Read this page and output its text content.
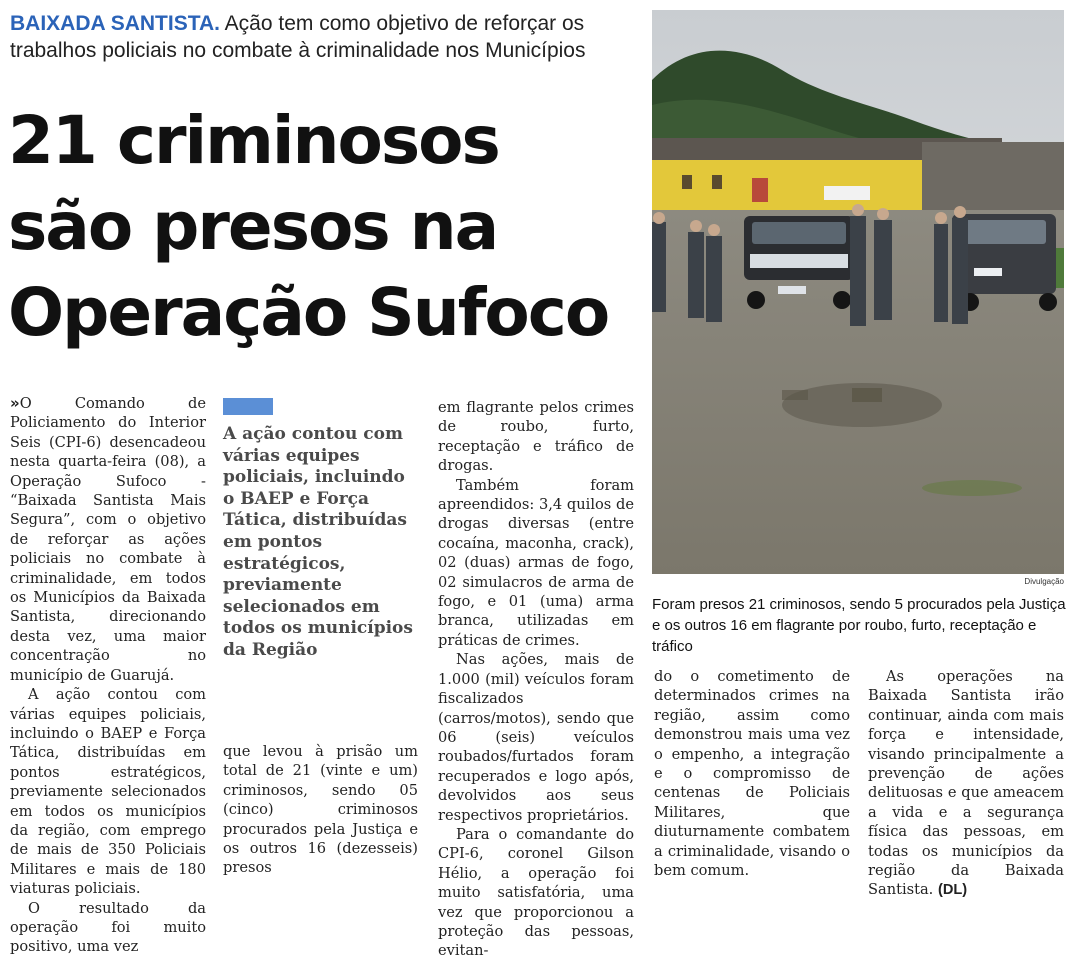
BAIXADA SANTISTA. Ação tem como objetivo de reforçar os trabalhos policiais no combate à criminalidade nos Municípios
21 criminosos
são presos na
Operação Sufoco
Divulgação
Foram presos 21 criminosos, sendo 5 procurados pela Justiça e os outros 16 em flagrante por roubo, furto, receptação e tráfico

» O Comando de Policiamento do Interior Seis (CPI-6) desencadeou nesta quarta-feira (08), a Operação Sufoco - “Baixada Santista Mais Segura”, com o objetivo de reforçar as ações policiais no combate à criminalidade, em todos os Municípios da Baixada Santista, direcionando desta vez, uma maior concentração no município de Guarujá.

A ação contou com várias equipes policiais, incluindo o BAEP e Força Tática, distribuídas em pontos estratégicos, previamente selecionados em todos os municípios da região, com emprego de mais de 350 Policiais Militares e mais de 180 viaturas policiais.

O resultado da operação foi muito positivo, uma vez

A ação contou com várias equipes policiais, incluindo o BAEP e Força Tática, distribuídas em pontos estratégicos, previamente selecionados em todos os municípios da Região

que levou à prisão um total de 21 (vinte e um) criminosos, sendo 05 (cinco) criminosos procurados pela Justiça e os outros 16 (dezesseis) presos

em flagrante pelos crimes de roubo, furto, receptação e tráfico de drogas.

Também foram apreendidos: 3,4 quilos de drogas diversas (entre cocaína, maconha, crack), 02 (duas) armas de fogo, 02 simulacros de arma de fogo, e 01 (uma) arma branca, utilizadas em práticas de crimes.

Nas ações, mais de 1.000 (mil) veículos foram fiscalizados (carros/motos), sendo que 06 (seis) veículos roubados/furtados foram recuperados e logo após, devolvidos aos seus respectivos proprietários.

Para o comandante do CPI-6, coronel Gilson Hélio, a operação foi muito satisfatória, uma vez que proporcionou a proteção das pessoas, evitan-

do o cometimento de determinados crimes na região, assim como demonstrou mais uma vez o empenho, a integração e o compromisso de centenas de Policiais Militares, que diuturnamente combatem a criminalidade, visando o bem comum.

As operações na Baixada Santista irão continuar, ainda com mais força e intensidade, visando principalmente a prevenção de ações delituosas e que ameacem a vida e a segurança física das pessoas, em todas os municípios da região da Baixada Santista. (DL)
